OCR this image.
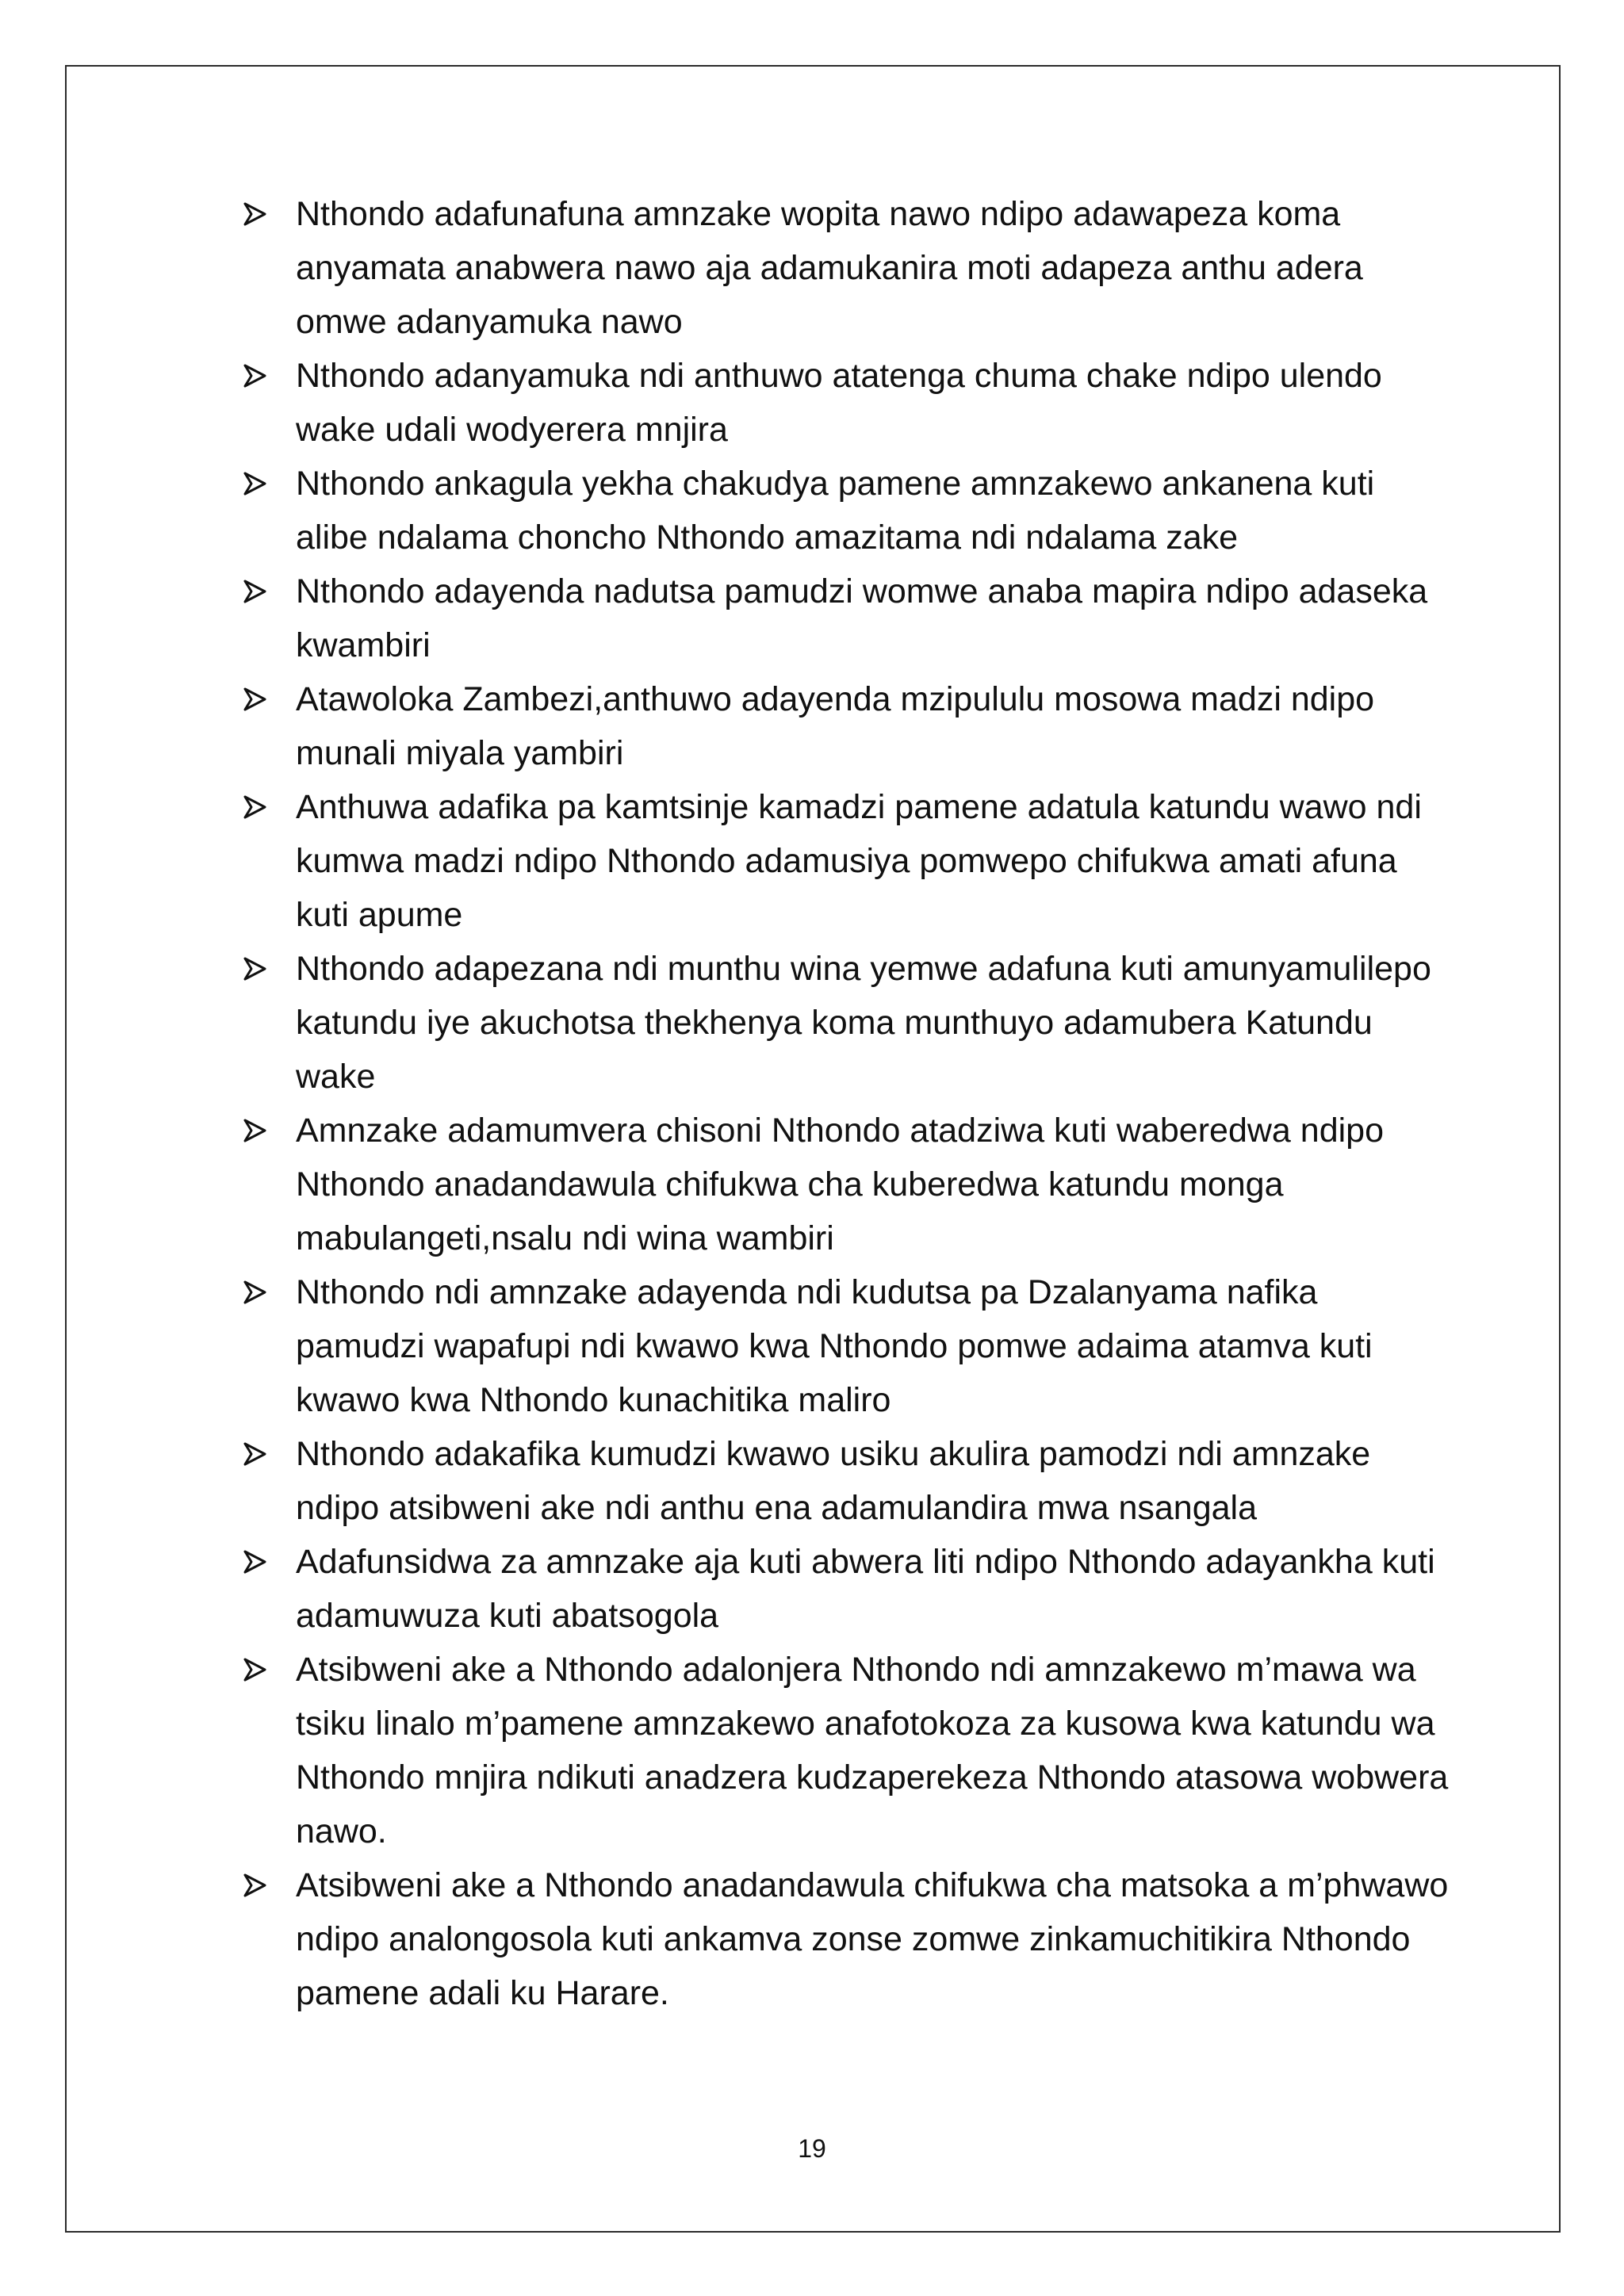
Nthondo adafunafuna amnzake wopita nawo ndipo adawapeza koma anyamata anabwera nawo aja adamukanira moti adapeza anthu adera omwe adanyamuka nawo
Nthondo adanyamuka ndi anthuwo atatenga chuma chake ndipo ulendo wake udali wodyerera mnjira
Nthondo ankagula yekha chakudya pamene amnzakewo ankanena kuti alibe ndalama choncho Nthondo amazitama ndi ndalama zake
Nthondo adayenda nadutsa pamudzi womwe anaba mapira ndipo adaseka kwambiri
Atawoloka Zambezi,anthuwo adayenda mzipululu mosowa madzi ndipo munali miyala yambiri
Anthuwa adafika pa kamtsinje kamadzi pamene adatula katundu wawo ndi kumwa madzi ndipo Nthondo adamusiya pomwepo chifukwa amati afuna kuti apume
Nthondo adapezana ndi munthu wina yemwe adafuna kuti amunyamulilepo katundu iye akuchotsa thekhenya koma munthuyo adamubera Katundu wake
Amnzake adamumvera chisoni Nthondo atadziwa kuti waberedwa ndipo Nthondo anadandawula chifukwa cha kuberedwa katundu monga mabulangeti,nsalu ndi wina wambiri
Nthondo ndi amnzake adayenda ndi kudutsa pa Dzalanyama nafika pamudzi wapafupi ndi kwawo kwa Nthondo pomwe adaima atamva kuti kwawo kwa Nthondo kunachitika maliro
Nthondo adakafika kumudzi kwawo usiku akulira pamodzi ndi amnzake ndipo atsibweni ake ndi anthu ena adamulandira mwa nsangala
Adafunsidwa za amnzake aja kuti abwera liti ndipo Nthondo adayankha kuti adamuwuza kuti abatsogola
Atsibweni ake a Nthondo adalonjera Nthondo ndi amnzakewo m’mawa wa tsiku linalo m’pamene amnzakewo anafotokoza za kusowa kwa katundu wa Nthondo mnjira ndikuti anadzera kudzaperekeza Nthondo atasowa wobwera nawo.
Atsibweni ake a Nthondo anadandawula chifukwa cha matsoka a m’phwawo ndipo analongosola kuti ankamva zonse zomwe zinkamuchitikira Nthondo pamene adali ku Harare.
19
